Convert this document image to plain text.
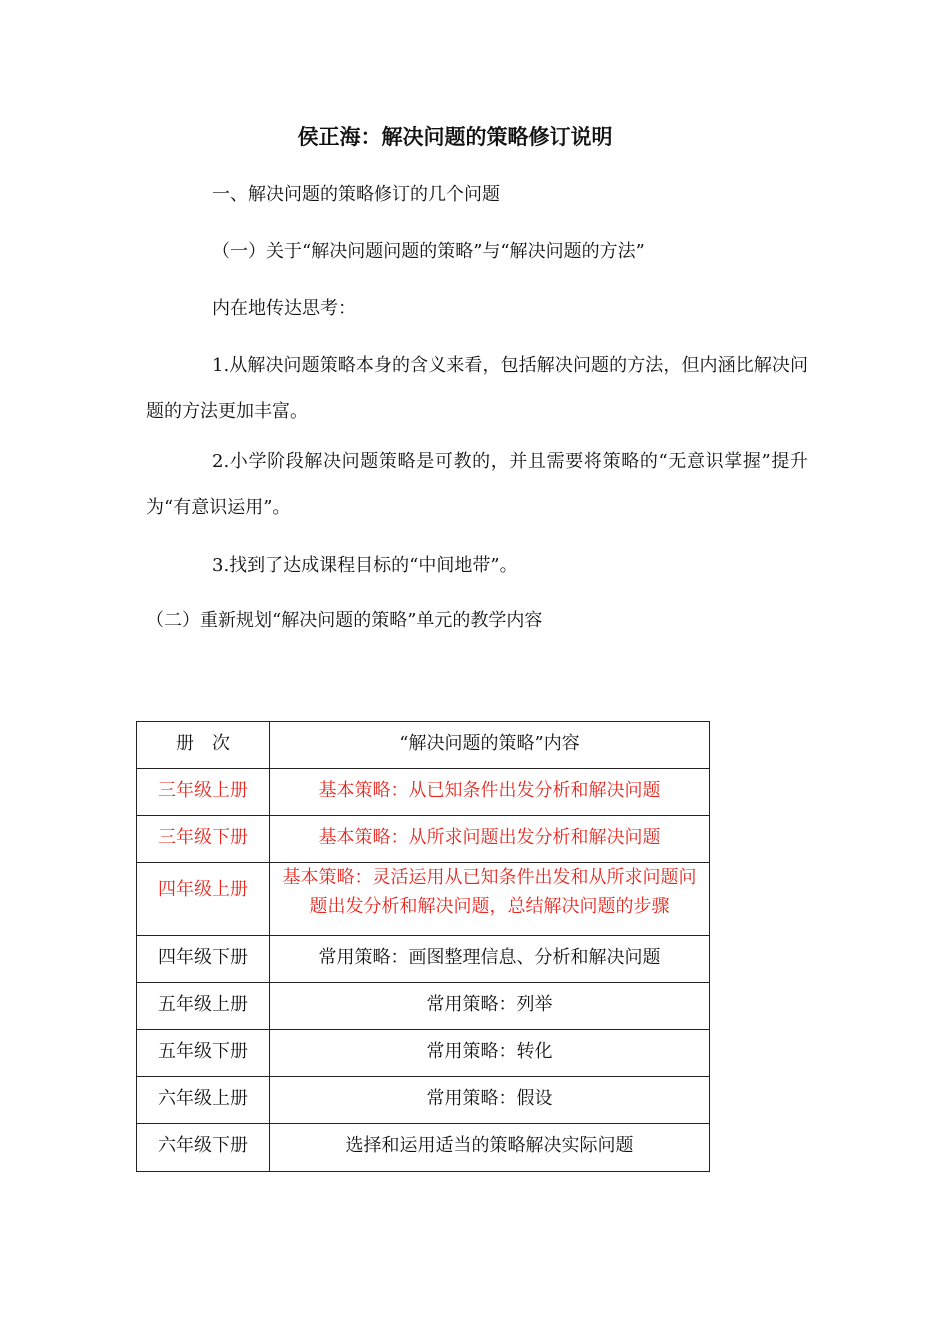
侯正海：解决问题的策略修订说明
一、解决问题的策略修订的几个问题
（一）关于“解决问题问题的策略”与“解决问题的方法”
内在地传达思考：
1.从解决问题策略本身的含义来看，包括解决问题的方法，但内涵比解决问题的方法更加丰富。
2.小学阶段解决问题策略是可教的，并且需要将策略的“无意识掌握”提升为“有意识运用”。
3.找到了达成课程目标的“中间地带”。
（二）重新规划“解决问题的策略”单元的教学内容
册　次	“解决问题的策略”内容
三年级上册	基本策略：从已知条件出发分析和解决问题
三年级下册	基本策略：从所求问题出发分析和解决问题
四年级上册	基本策略：灵活运用从已知条件出发和从所求问题问题出发分析和解决问题，总结解决问题的步骤
四年级下册	常用策略：画图整理信息、分析和解决问题
五年级上册	常用策略：列举
五年级下册	常用策略：转化
六年级上册	常用策略：假设
六年级下册	选择和运用适当的策略解决实际问题
